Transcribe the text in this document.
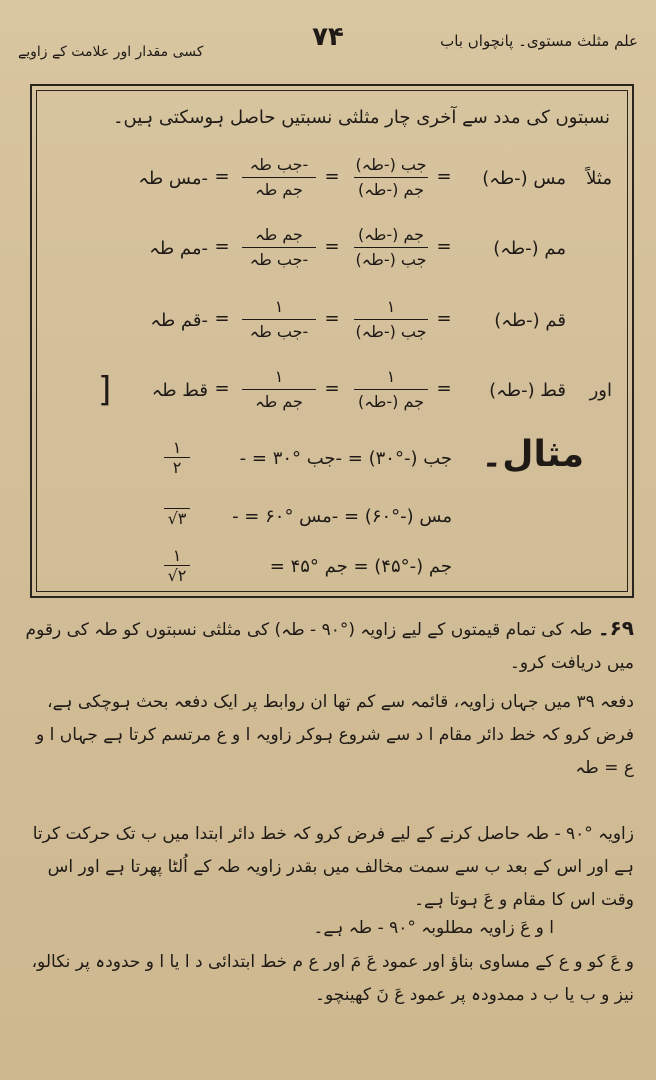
علم مثلث مستوی۔ پانچواں باب
۷۴
کسی مقدار اور علامت کے زاویے
نسبتوں کی مدد سے آخری چار مثلثی نسبتیں حاصل ہوسکتی ہیں۔
مثلاً
مس (-طہ)
=
جب (-طہ)
جم (-طہ)
=
-جب طہ
جم طہ
=
-مس طہ
مم (-طہ)
=
جم (-طہ)
جب (-طہ)
=
جم طہ
-جب طہ
=
-مم طہ
قم (-طہ)
=
۱
جب (-طہ)
=
۱
-جب طہ
=
-قم طہ
اور
قط (-طہ)
=
۱
جم (-طہ)
=
۱
جم طہ
=
قط طہ
[
مثال۔
جب (-°۳۰) = -جب °۳۰ = -
۱
۲
مس (-°۶۰) = -مس °۶۰ = -
۳√
جم (-°۴۵) = جم °۴۵ =
۱
۲√
۶۹۔ طہ کی تمام قیمتوں کے لیے زاویہ (°۹۰ - طہ) کی مثلثی نسبتوں کو طہ کی رقوم میں دریافت کرو۔
دفعہ ۳۹ میں جہاں زاویہ، قائمہ سے کم تھا ان روابط پر ایک دفعہ بحث ہوچکی ہے، فرض کرو کہ خط دائر مقام ا د سے شروع ہوکر زاویہ ا و ع مرتسم کرتا ہے جہاں ا و ع = طہ
زاویہ °۹۰ - طہ حاصل کرنے کے لیے فرض کرو کہ خط دائر ابتدا میں ب تک حرکت کرتا ہے اور اس کے بعد ب سے سمت مخالف میں بقدر زاویہ طہ کے اُلٹا پھرتا ہے اور اس وقت اس کا مقام و عَ ہوتا ہے۔
ا و عَ زاویہ مطلوبہ °۹۰ - طہ ہے۔
و عَ کو و ع کے مساوی بناؤ اور عمود عَ مَ اور ع م خط ابتدائی د ا یا ا و حدودہ پر نکالو، نیز و ب یا ب د ممدودہ پر عمود عَ نَ کھینچو۔
